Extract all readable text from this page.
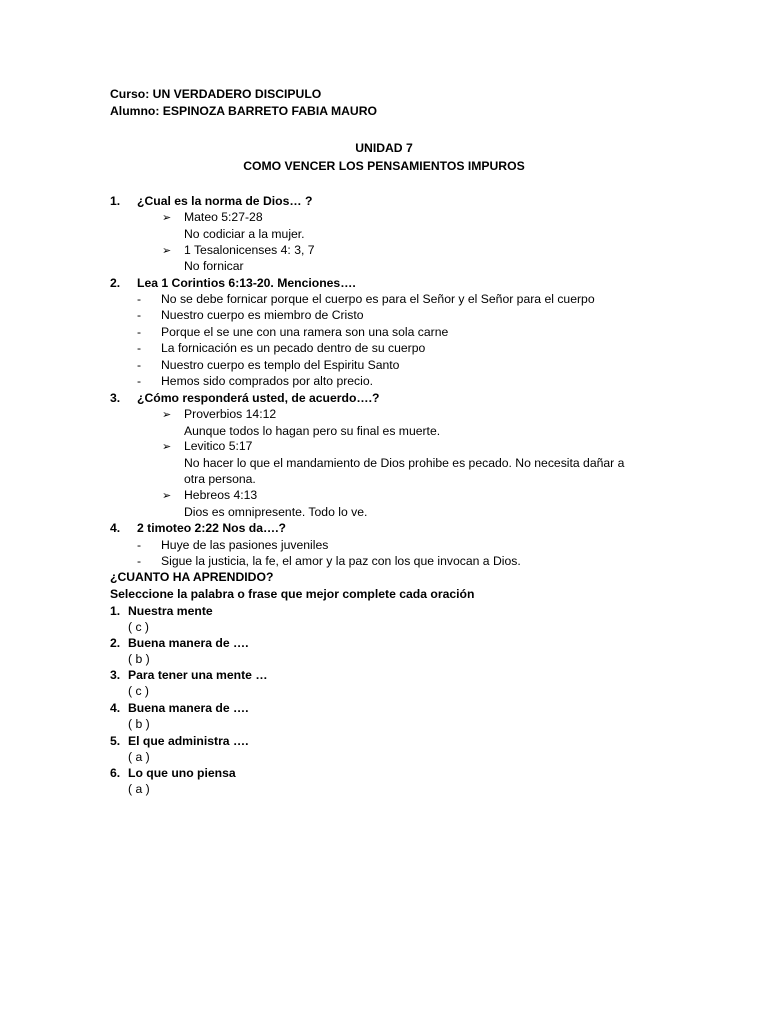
Curso: UN VERDADERO DISCIPULO
Alumno: ESPINOZA BARRETO FABIA MAURO
UNIDAD 7
COMO VENCER LOS PENSAMIENTOS IMPUROS
1. ¿Cual es la norma de Dios… ?
➢ Mateo 5:27-28
No codiciar a la mujer.
➢ 1 Tesalonicenses 4: 3, 7
No fornicar
2. Lea 1 Corintios 6:13-20. Menciones….
- No se debe fornicar porque el cuerpo es para el Señor y el Señor para el cuerpo
- Nuestro cuerpo es miembro de Cristo
- Porque el se une con una ramera son una sola carne
- La fornicación es un pecado dentro de su cuerpo
- Nuestro cuerpo es templo del Espiritu Santo
- Hemos sido comprados por alto precio.
3. ¿Cómo responderá usted, de acuerdo….?
➢ Proverbios 14:12
Aunque todos lo hagan pero su final es muerte.
➢ Levitico 5:17
No hacer lo que el mandamiento de Dios prohibe es pecado. No necesita dañar a
otra persona.
➢ Hebreos 4:13
Dios es omnipresente. Todo lo ve.
4. 2 timoteo 2:22 Nos da….?
- Huye de las pasiones juveniles
- Sigue la justicia, la fe, el amor y la paz con los que invocan a Dios.
¿CUANTO HA APRENDIDO?
Seleccione la palabra o frase que mejor complete cada oración
1. Nuestra mente
( c )
2. Buena manera de ….
( b )
3. Para tener una mente …
( c )
4. Buena manera de ….
( b )
5. El que administra ….
( a )
6. Lo que uno piensa
( a )
